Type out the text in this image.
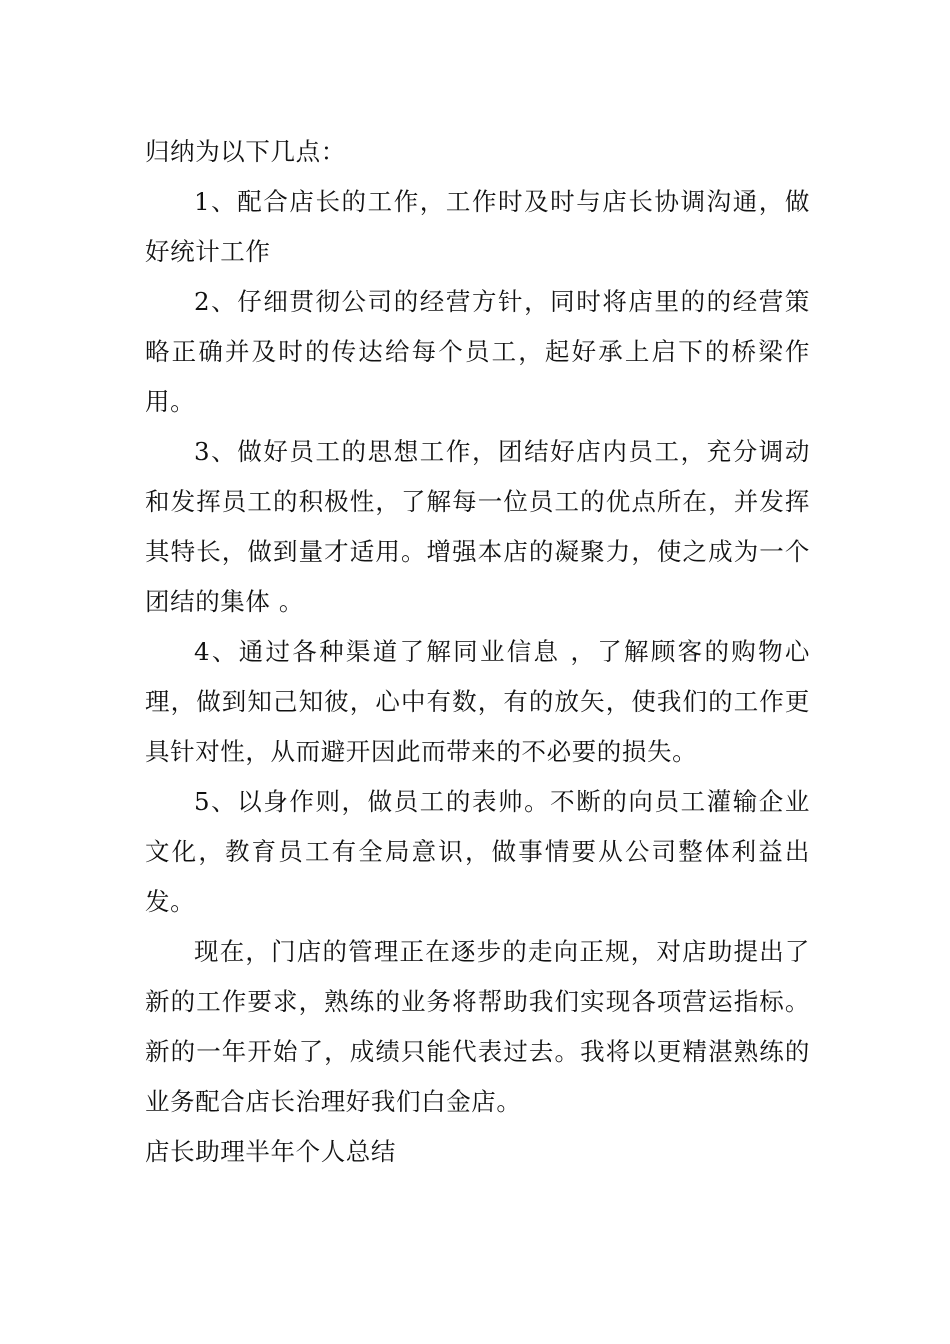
归纳为以下几点：

1、配合店长的工作，工作时及时与店长协调沟通，做好统计工作

2、仔细贯彻公司的经营方针，同时将店里的的经营策略正确并及时的传达给每个员工，起好承上启下的桥梁作用。

3、做好员工的思想工作，团结好店内员工，充分调动和发挥员工的积极性，了解每一位员工的优点所在，并发挥其特长，做到量才适用。增强本店的凝聚力，使之成为一个团结的集体 。

4、通过各种渠道了解同业信息 ，了解顾客的购物心理，做到知己知彼，心中有数，有的放矢，使我们的工作更具针对性，从而避开因此而带来的不必要的损失。

5、以身作则，做员工的表帅。不断的向员工灌输企业文化，教育员工有全局意识，做事情要从公司整体利益出发。

现在，门店的管理正在逐步的走向正规，对店助提出了新的工作要求，熟练的业务将帮助我们实现各项营运指标。新的一年开始了，成绩只能代表过去。我将以更精湛熟练的业务配合店长治理好我们白金店。

店长助理半年个人总结
